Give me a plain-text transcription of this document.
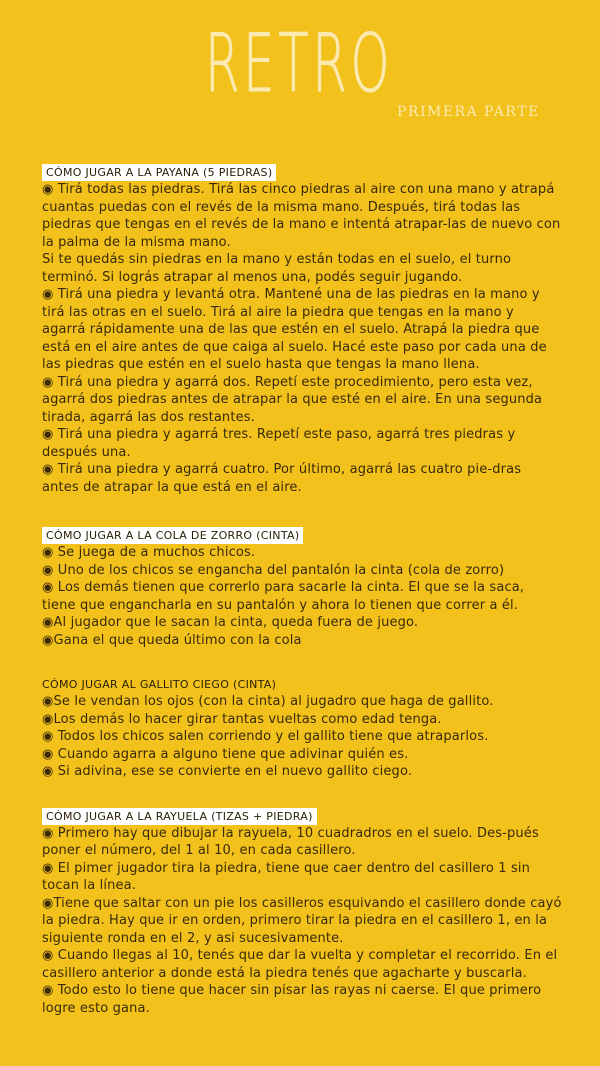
RETRO
PRIMERA PARTE
CÓMO JUGAR A LA PAYANA (5 PIEDRAS)

◉ Tirá todas las piedras. Tirá las cinco piedras al aire con una mano y atrapá cuantas puedas con el revés de la misma mano. Después, tirá todas las piedras que tengas en el revés de la mano e intentá atrapar-las de nuevo con la palma de la misma mano.
Si te quedás sin piedras en la mano y están todas en el suelo, el turno terminó. Si lográs atrapar al menos una, podés seguir jugando.
◉ Tirá una piedra y levantá otra. Mantené una de las piedras en la mano y tirá las otras en el suelo. Tirá al aire la piedra que tengas en la mano y  agarrá rápidamente una de las que estén en el suelo. Atrapá la piedra que está en el aire antes de que caiga al suelo. Hacé este paso por cada una de las piedras que estén en el suelo hasta que tengas la mano llena.
◉ Tirá una piedra y agarrá dos. Repetí este procedimiento, pero esta vez, agarrá dos piedras antes de atrapar la que esté en el aire. En una segunda tirada, agarrá las dos restantes.
◉ Tirá una piedra y agarrá tres. Repetí este paso, agarrá tres piedras y después una.
◉ Tirá una piedra y agarrá cuatro. Por último, agarrá las cuatro pie-dras antes de atrapar la que está en el aire.

CÓMO JUGAR A LA COLA DE ZORRO (CINTA)

◉ Se juega de a muchos chicos.
◉ Uno de los chicos se engancha del pantalón la cinta (cola de zorro)
◉ Los demás tienen que correrlo para sacarle la cinta. El que se la saca, tiene que engancharla en su pantalón y ahora lo tienen que correr a él.
◉Al jugador que le sacan la cinta, queda fuera de juego.
◉Gana el que queda último con la cola

CÓMO JUGAR AL GALLITO CIEGO (CINTA)

◉Se le vendan los ojos (con la cinta) al jugadro que haga de gallito.
◉Los demás lo hacer girar tantas vueltas como edad tenga.
◉ Todos los chicos salen corriendo y el gallito tiene que atraparlos.
◉ Cuando agarra a alguno tiene que adivinar quién es.
◉ Si adivina, ese se convierte en el nuevo gallito ciego.

CÓMO JUGAR A LA RAYUELA (TIZAS + PIEDRA)

◉ Primero hay que dibujar la rayuela, 10 cuadradros en el suelo. Des-pués poner el número, del 1 al 10, en cada casillero.
◉ El pimer jugador tira la piedra, tiene que caer dentro del casillero 1 sin tocan la línea.
◉Tiene que saltar con un pie los casilleros esquivando el casillero donde cayó la piedra. Hay que ir en orden, primero tirar la piedra en el casillero 1, en la siguiente ronda en el 2, y asi sucesivamente.
◉ Cuando llegas al 10, tenés que dar la vuelta y completar el recorrido. En el casillero anterior a donde está la piedra tenés que agacharte y buscarla.
◉ Todo esto lo tiene que hacer sin pisar las rayas ni caerse. El que primero logre esto gana.
